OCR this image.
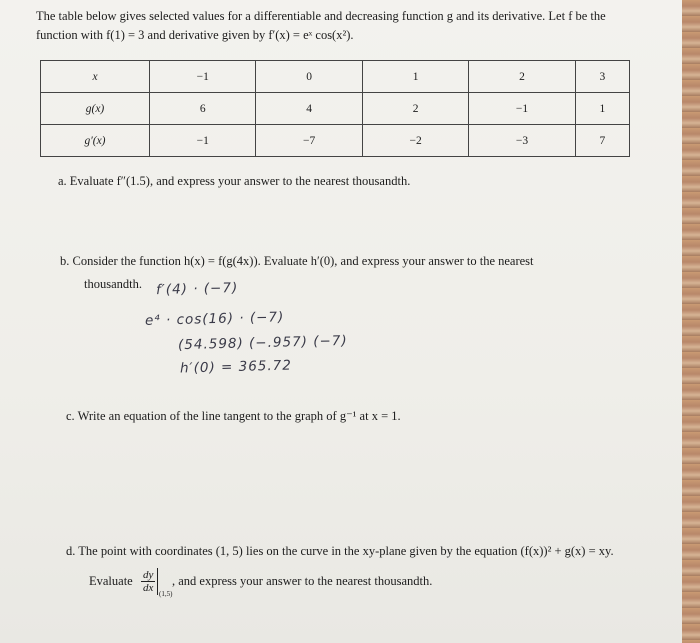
The table below gives selected values for a differentiable and decreasing function g and its derivative. Let f be the
function with f(1) = 3 and derivative given by f′(x) = eˣ cos(x²).
x	−1	0	1	2	3
g(x)	6	4	2	−1	1
g′(x)	−1	−7	−2	−3	7
a. Evaluate f″(1.5), and express your answer to the nearest thousandth.
b. Consider the function h(x) = f(g(4x)). Evaluate h′(0), and express your answer to the nearest
thousandth. f′(4) · (−7)
e⁴ · cos(16) · (−7)
(54.598) (−.957) (−7)
h′(0) = 365.72
c. Write an equation of the line tangent to the graph of g⁻¹ at x = 1.
d. The point with coordinates (1, 5) lies on the curve in the xy-plane given by the equation (f(x))² + g(x) = xy.
Evaluate $\frac{dy}{dx} (1,5)$
, and express your answer to the nearest thousandth.
